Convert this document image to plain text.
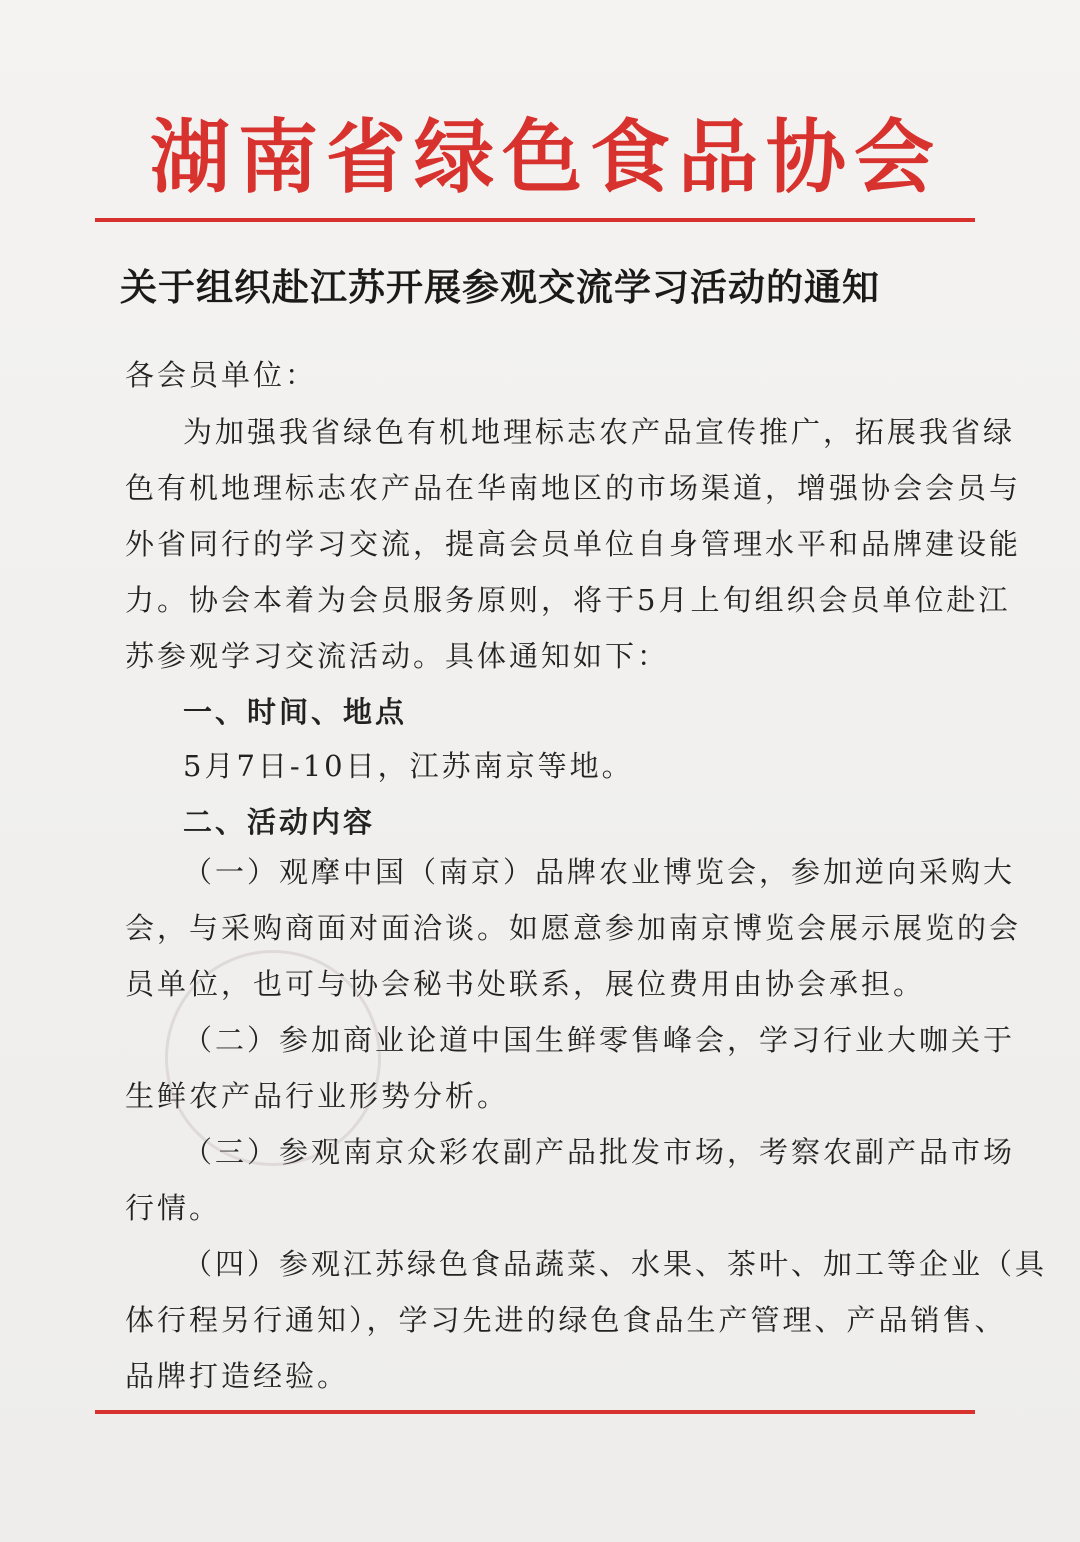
湖南省绿色食品协会
关于组织赴江苏开展参观交流学习活动的通知
各会员单位：
为加强我省绿色有机地理标志农产品宣传推广，拓展我省绿
色有机地理标志农产品在华南地区的市场渠道，增强协会会员与
外省同行的学习交流，提高会员单位自身管理水平和品牌建设能
力。协会本着为会员服务原则，将于5月上旬组织会员单位赴江
苏参观学习交流活动。具体通知如下：
一、时间、地点
5月7日-10日，江苏南京等地。
二、活动内容
（一）观摩中国（南京）品牌农业博览会，参加逆向采购大
会，与采购商面对面洽谈。如愿意参加南京博览会展示展览的会
员单位，也可与协会秘书处联系，展位费用由协会承担。
（二）参加商业论道中国生鲜零售峰会，学习行业大咖关于
生鲜农产品行业形势分析。
（三）参观南京众彩农副产品批发市场，考察农副产品市场
行情。
（四）参观江苏绿色食品蔬菜、水果、茶叶、加工等企业（具
体行程另行通知），学习先进的绿色食品生产管理、产品销售、
品牌打造经验。
